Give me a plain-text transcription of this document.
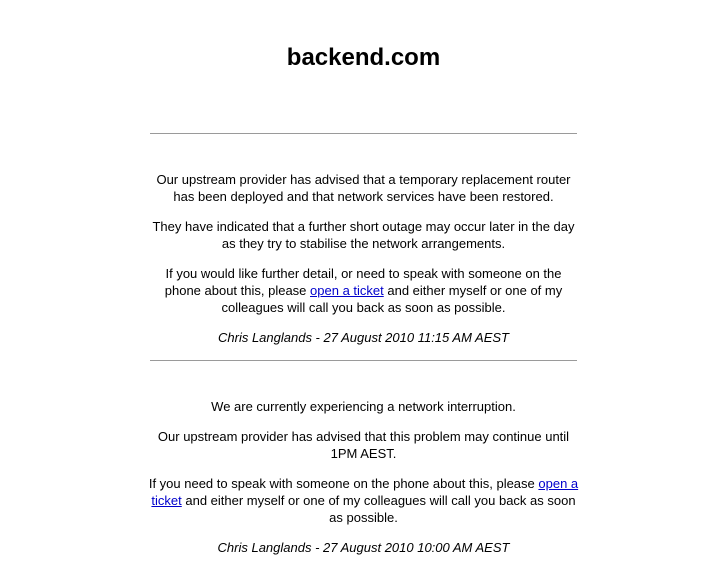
backend.com

Our upstream provider has advised that a temporary replacement router has been deployed and that network services have been restored.

They have indicated that a further short outage may occur later in the day as they try to stabilise the network arrangements.

If you would like further detail, or need to speak with someone on the phone about this, please open a ticket and either myself or one of my colleagues will call you back as soon as possible.

Chris Langlands - 27 August 2010 11:15 AM AEST

We are currently experiencing a network interruption.

Our upstream provider has advised that this problem may continue until 1PM AEST.

If you need to speak with someone on the phone about this, please open a ticket and either myself or one of my colleagues will call you back as soon as possible.

Chris Langlands - 27 August 2010 10:00 AM AEST
